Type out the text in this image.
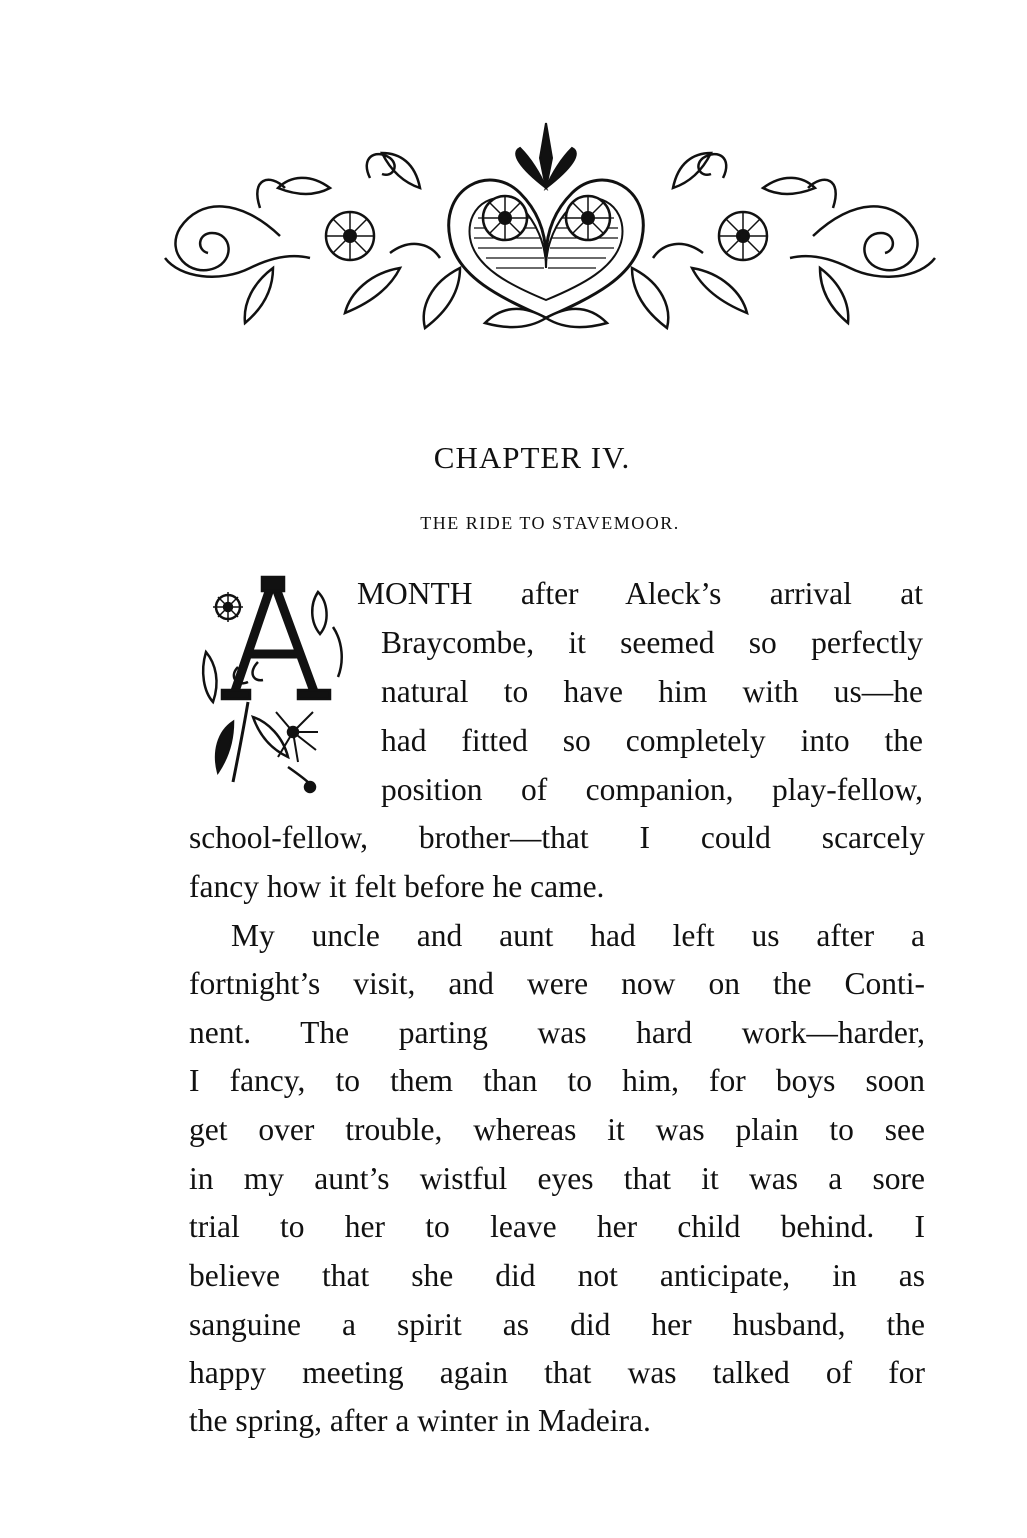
CHAPTER IV.
THE RIDE TO STAVEMOOR.

MONTH after Aleck’s arrival at

Braycombe, it seemed so perfectly

natural to have him with us—he

had fitted so completely into the

position of companion, play-fellow,

school-fellow, brother—that I could scarcely

fancy how it felt before he came.

My uncle and aunt had left us after a

fortnight’s visit, and were now on the Conti-

nent. The parting was hard work—harder,

I fancy, to them than to him, for boys soon

get over trouble, whereas it was plain to see

in my aunt’s wistful eyes that it was a sore

trial to her to leave her child behind. I

believe that she did not anticipate, in as

sanguine a spirit as did her husband, the

happy meeting again that was talked of for

the spring, after a winter in Madeira.
